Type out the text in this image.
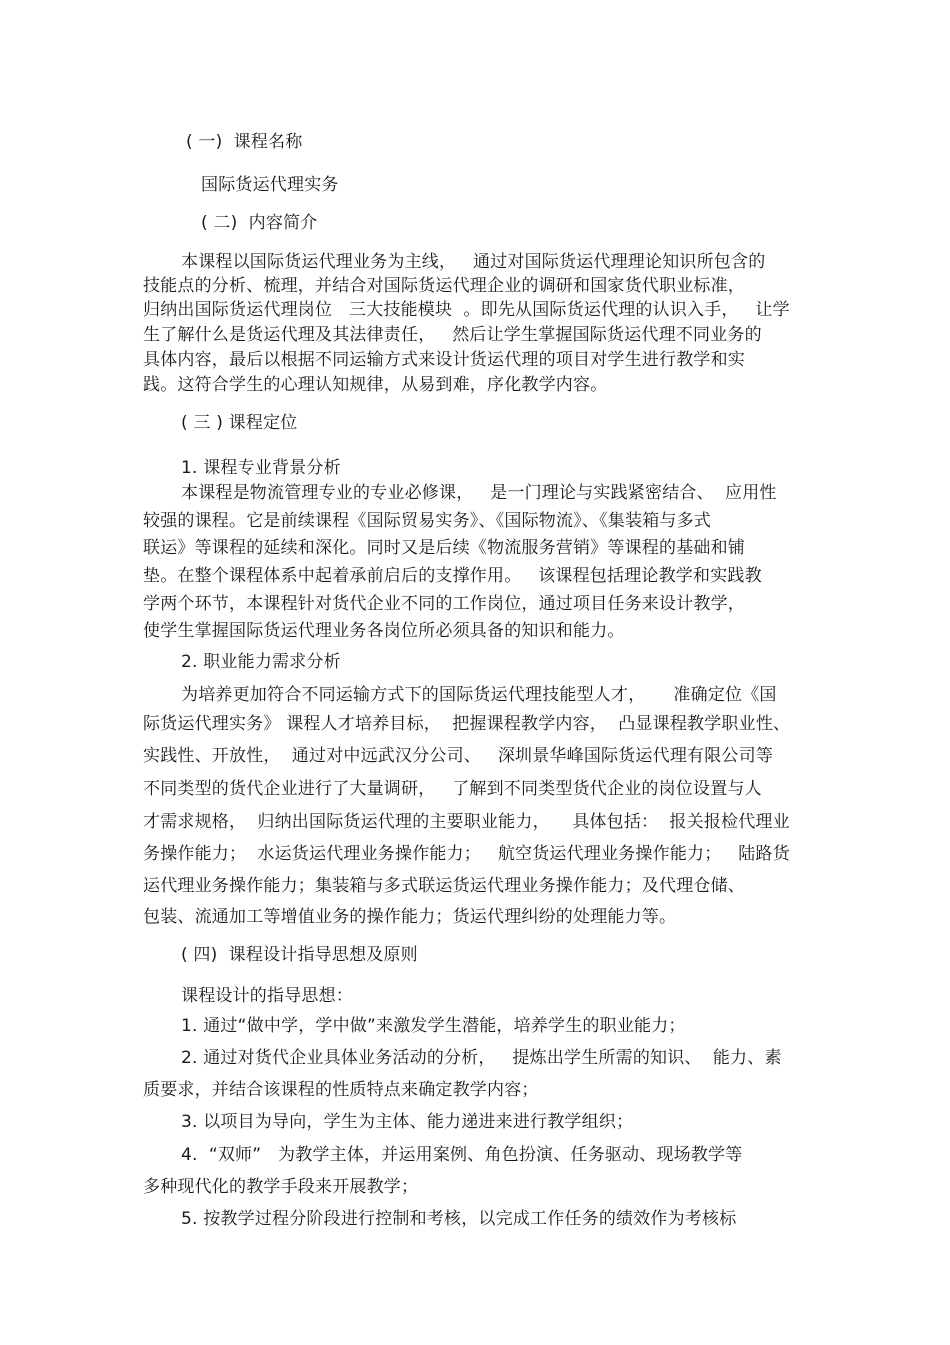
( 一)  课程名称
国际货运代理实务
( 二)  内容简介
本课程以国际货运代理业务为主线，   通过对国际货运代理理论知识所包含的
技能点的分析、梳理，并结合对国际货运代理企业的调研和国家货代职业标准，
归纳出国际货运代理岗位   三大技能模块  。即先从国际货运代理的认识入手，   让学
生了解什么是货运代理及其法律责任，   然后让学生掌握国际货运代理不同业务的
具体内容，最后以根据不同运输方式来设计货运代理的项目对学生进行教学和实
践。这符合学生的心理认知规律，从易到难，序化教学内容。
( 三 ) 课程定位
1. 课程专业背景分析
本课程是物流管理专业的专业必修课，   是一门理论与实践紧密结合、  应用性
较强的课程。它是前续课程《国际贸易实务》、《国际物流》、《集装箱与多式
联运》等课程的延续和深化。同时又是后续《物流服务营销》等课程的基础和铺
垫。在整个课程体系中起着承前启后的支撑作用。   该课程包括理论教学和实践教
学两个环节，本课程针对货代企业不同的工作岗位，通过项目任务来设计教学，
使学生掌握国际货运代理业务各岗位所必须具备的知识和能力。
2. 职业能力需求分析
为培养更加符合不同运输方式下的国际货运代理技能型人才，     准确定位《国
际货运代理实务》 课程人才培养目标，  把握课程教学内容，  凸显课程教学职业性、
实践性、开放性，  通过对中远武汉分公司、   深圳景华峰国际货运代理有限公司等
不同类型的货代企业进行了大量调研，   了解到不同类型货代企业的岗位设置与人
才需求规格，  归纳出国际货运代理的主要职业能力，    具体包括：  报关报检代理业
务操作能力；  水运货运代理业务操作能力；   航空货运代理业务操作能力；   陆路货
运代理业务操作能力；集装箱与多式联运货运代理业务操作能力；及代理仓储、
包装、流通加工等增值业务的操作能力；货运代理纠纷的处理能力等。
( 四)  课程设计指导思想及原则
课程设计的指导思想：
1. 通过“做中学，学中做”来激发学生潜能，培养学生的职业能力；
2. 通过对货代企业具体业务活动的分析，   提炼出学生所需的知识、  能力、素
质要求，并结合该课程的性质特点来确定教学内容；
3. 以项目为导向，学生为主体、能力递进来进行教学组织；
4.  “双师”   为教学主体，并运用案例、角色扮演、任务驱动、现场教学等
多种现代化的教学手段来开展教学；
5. 按教学过程分阶段进行控制和考核，以完成工作任务的绩效作为考核标
